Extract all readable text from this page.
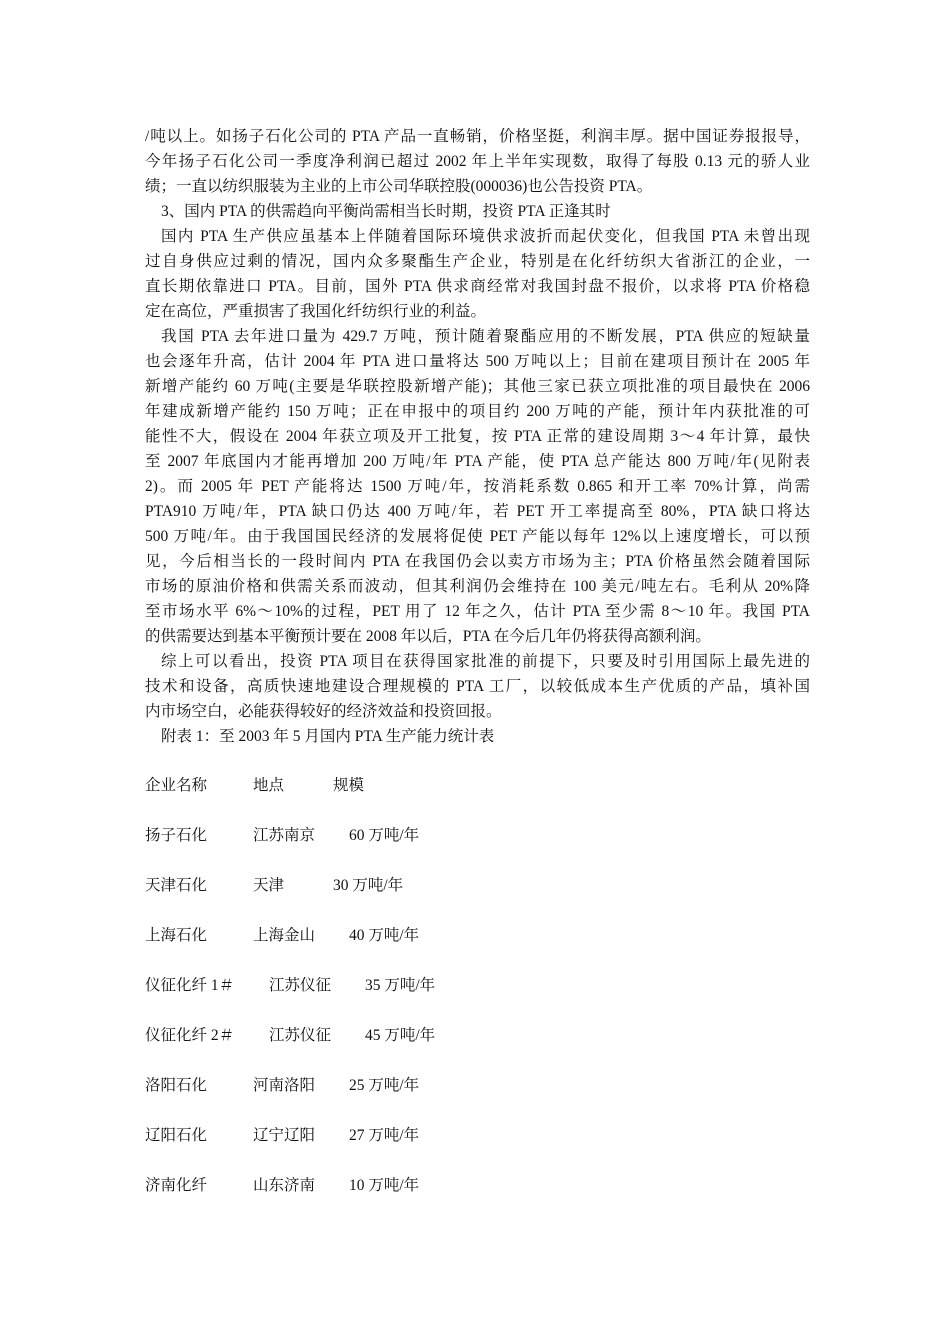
/吨以上。如扬子石化公司的 PTA 产品一直畅销，价格坚挺，利润丰厚。据中国证券报报导，
今年扬子石化公司一季度净利润已超过 2002 年上半年实现数，取得了每股 0.13 元的骄人业
绩；一直以纺织服装为主业的上市公司华联控股(000036)也公告投资 PTA。
3、国内 PTA 的供需趋向平衡尚需相当长时期，投资 PTA 正逢其时
国内 PTA 生产供应虽基本上伴随着国际环境供求波折而起伏变化，但我国 PTA 未曾出现
过自身供应过剩的情况，国内众多聚酯生产企业，特别是在化纤纺织大省浙江的企业，一
直长期依靠进口 PTA。目前，国外 PTA 供求商经常对我国封盘不报价，以求将 PTA 价格稳
定在高位，严重损害了我国化纤纺织行业的利益。
我国 PTA 去年进口量为 429.7 万吨，预计随着聚酯应用的不断发展，PTA 供应的短缺量
也会逐年升高，估计 2004 年 PTA 进口量将达 500 万吨以上；目前在建项目预计在 2005 年
新增产能约 60 万吨(主要是华联控股新增产能)；其他三家已获立项批准的项目最快在 2006
年建成新增产能约 150 万吨；正在申报中的项目约 200 万吨的产能，预计年内获批准的可
能性不大，假设在 2004 年获立项及开工批复，按 PTA 正常的建设周期 3～4 年计算，最快
至 2007 年底国内才能再增加 200 万吨/年 PTA 产能，使 PTA 总产能达 800 万吨/年(见附表
2)。而 2005 年 PET 产能将达 1500 万吨/年，按消耗系数 0.865 和开工率 70%计算，尚需
PTA910 万吨/年，PTA 缺口仍达 400 万吨/年，若 PET 开工率提高至 80%，PTA 缺口将达
500 万吨/年。由于我国国民经济的发展将促使 PET 产能以每年 12%以上速度增长，可以预
见，今后相当长的一段时间内 PTA 在我国仍会以卖方市场为主；PTA 价格虽然会随着国际
市场的原油价格和供需关系而波动，但其利润仍会维持在 100 美元/吨左右。毛利从 20%降
至市场水平 6%～10%的过程，PET 用了 12 年之久，估计 PTA 至少需 8～10 年。我国 PTA
的供需要达到基本平衡预计要在 2008 年以后，PTA 在今后几年仍将获得高额利润。
综上可以看出，投资 PTA 项目在获得国家批准的前提下，只要及时引用国际上最先进的
技术和设备，高质快速地建设合理规模的 PTA 工厂，以较低成本生产优质的产品，填补国
内市场空白，必能获得较好的经济效益和投资回报。
附表 1：至 2003 年 5 月国内 PTA 生产能力统计表
企业名称	地点	规模
扬子石化	江苏南京 60 万吨/年
天津石化	天津	30 万吨/年
上海石化	上海金山 40 万吨/年
仪征化纤 1＃ 江苏仪征 35 万吨/年
仪征化纤 2＃ 江苏仪征 45 万吨/年
洛阳石化	河南洛阳 25 万吨/年
辽阳石化	辽宁辽阳 27 万吨/年
济南化纤	山东济南 10 万吨/年
